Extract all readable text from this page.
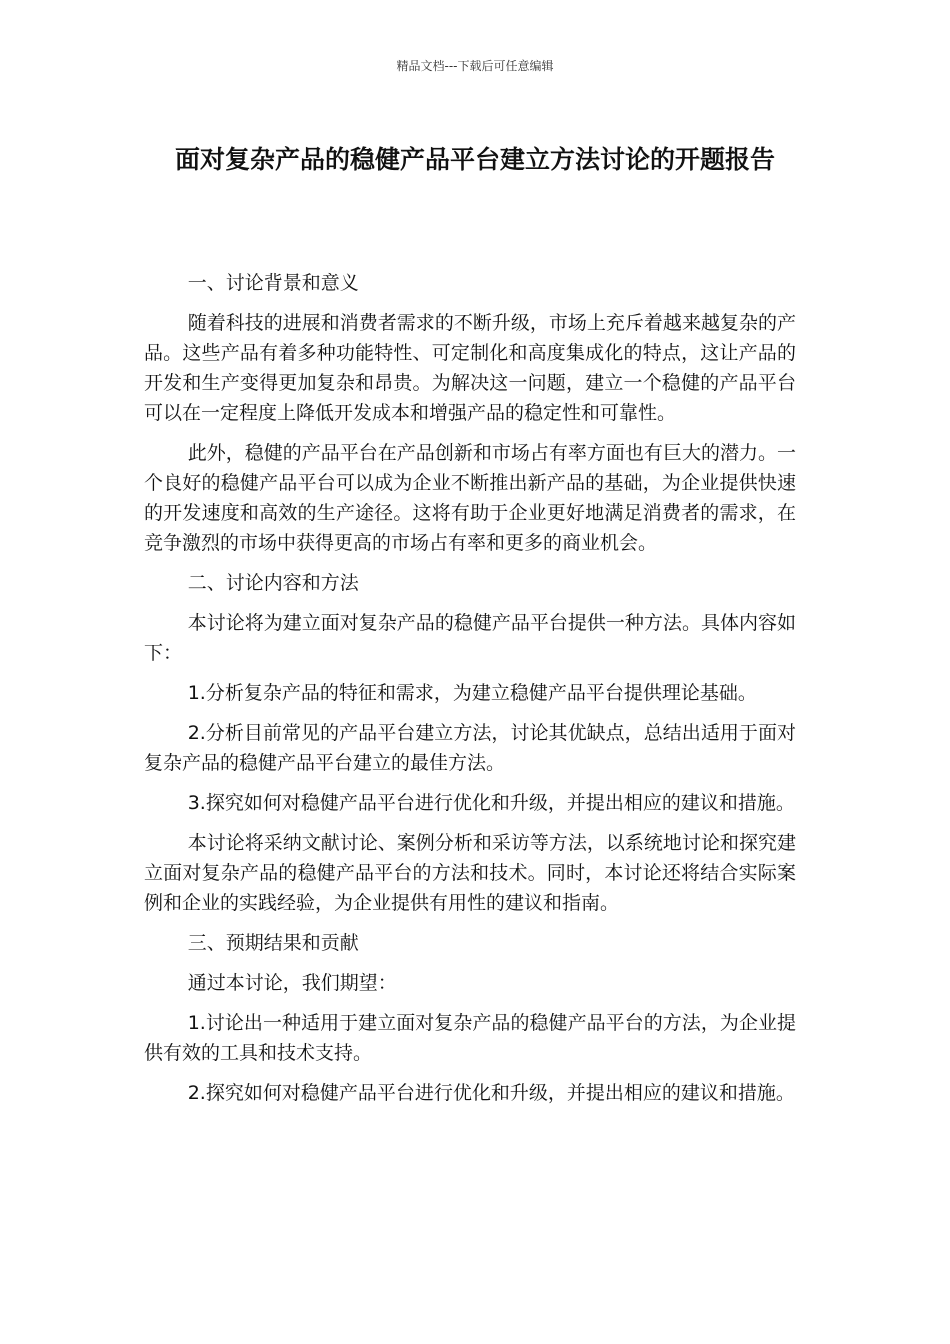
精品文档---下载后可任意编辑
面对复杂产品的稳健产品平台建立方法讨论的开题报告

一、讨论背景和意义

随着科技的进展和消费者需求的不断升级，市场上充斥着越来越复杂的产品。这些产品有着多种功能特性、可定制化和高度集成化的特点，这让产品的开发和生产变得更加复杂和昂贵。为解决这一问题，建立一个稳健的产品平台可以在一定程度上降低开发成本和增强产品的稳定性和可靠性。

此外，稳健的产品平台在产品创新和市场占有率方面也有巨大的潜力。一个良好的稳健产品平台可以成为企业不断推出新产品的基础，为企业提供快速的开发速度和高效的生产途径。这将有助于企业更好地满足消费者的需求，在竞争激烈的市场中获得更高的市场占有率和更多的商业机会。

二、讨论内容和方法

本讨论将为建立面对复杂产品的稳健产品平台提供一种方法。具体内容如下：

1.分析复杂产品的特征和需求，为建立稳健产品平台提供理论基础。

2.分析目前常见的产品平台建立方法，讨论其优缺点，总结出适用于面对复杂产品的稳健产品平台建立的最佳方法。

3.探究如何对稳健产品平台进行优化和升级，并提出相应的建议和措施。

本讨论将采纳文献讨论、案例分析和采访等方法，以系统地讨论和探究建立面对复杂产品的稳健产品平台的方法和技术。同时，本讨论还将结合实际案例和企业的实践经验，为企业提供有用性的建议和指南。

三、预期结果和贡献

通过本讨论，我们期望：

1.讨论出一种适用于建立面对复杂产品的稳健产品平台的方法，为企业提供有效的工具和技术支持。

2.探究如何对稳健产品平台进行优化和升级，并提出相应的建议和措施。
